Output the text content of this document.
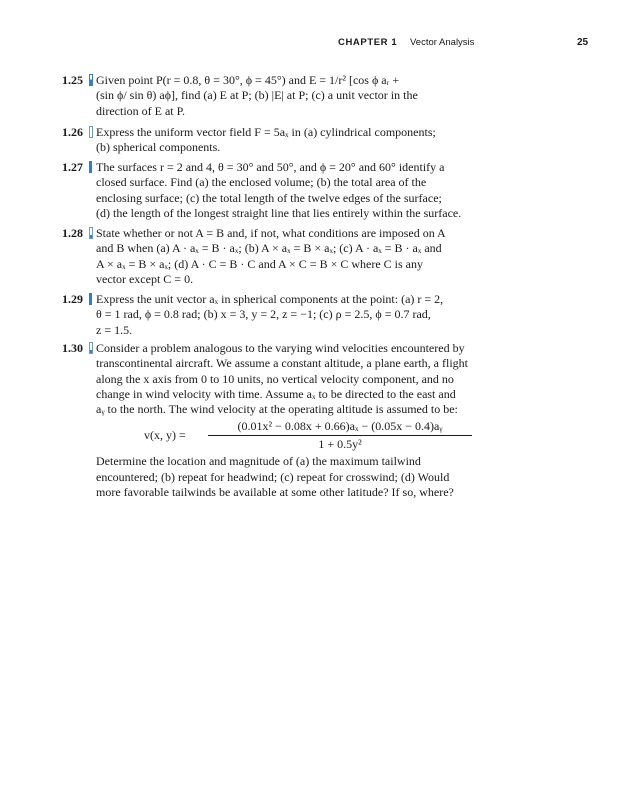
CHAPTER 1 Vector Analysis	25
1.25 Given point P(r = 0.8, θ = 30°, ϕ = 45°) and E = 1/r² [cos ϕ aᵣ +

(sin ϕ/ sin θ) aϕ], find (a) E at P; (b) |E| at P; (c) a unit vector in the

direction of E at P.

1.26 Express the uniform vector field F = 5aₓ in (a) cylindrical components;

(b) spherical components.

1.27 The surfaces r = 2 and 4, θ = 30° and 50°, and ϕ = 20° and 60° identify a

closed surface. Find (a) the enclosed volume; (b) the total area of the

enclosing surface; (c) the total length of the twelve edges of the surface;

(d) the length of the longest straight line that lies entirely within the surface.

1.28 State whether or not A = B and, if not, what conditions are imposed on A

and B when (a) A · aₓ = B · aₓ; (b) A × aₓ = B × aₓ; (c) A · aₓ = B · aₓ and

A × aₓ = B × aₓ; (d) A · C = B · C and A × C = B × C where C is any

vector except C = 0.

1.29 Express the unit vector aₓ in spherical components at the point: (a) r = 2,

θ = 1 rad, ϕ = 0.8 rad; (b) x = 3, y = 2, z = −1; (c) ρ = 2.5, ϕ = 0.7 rad,

z = 1.5.

1.30 Consider a problem analogous to the varying wind velocities encountered by

transcontinental aircraft. We assume a constant altitude, a plane earth, a flight

along the x axis from 0 to 10 units, no vertical velocity component, and no

change in wind velocity with time. Assume aₓ to be directed to the east and

aᵧ to the north. The wind velocity at the operating altitude is assumed to be:

v(x, y) =
(0.01x² − 0.08x + 0.66)aₓ − (0.05x − 0.4)aᵧ
1 + 0.5y²

Determine the location and magnitude of (a) the maximum tailwind

encountered; (b) repeat for headwind; (c) repeat for crosswind; (d) Would

more favorable tailwinds be available at some other latitude? If so, where?
